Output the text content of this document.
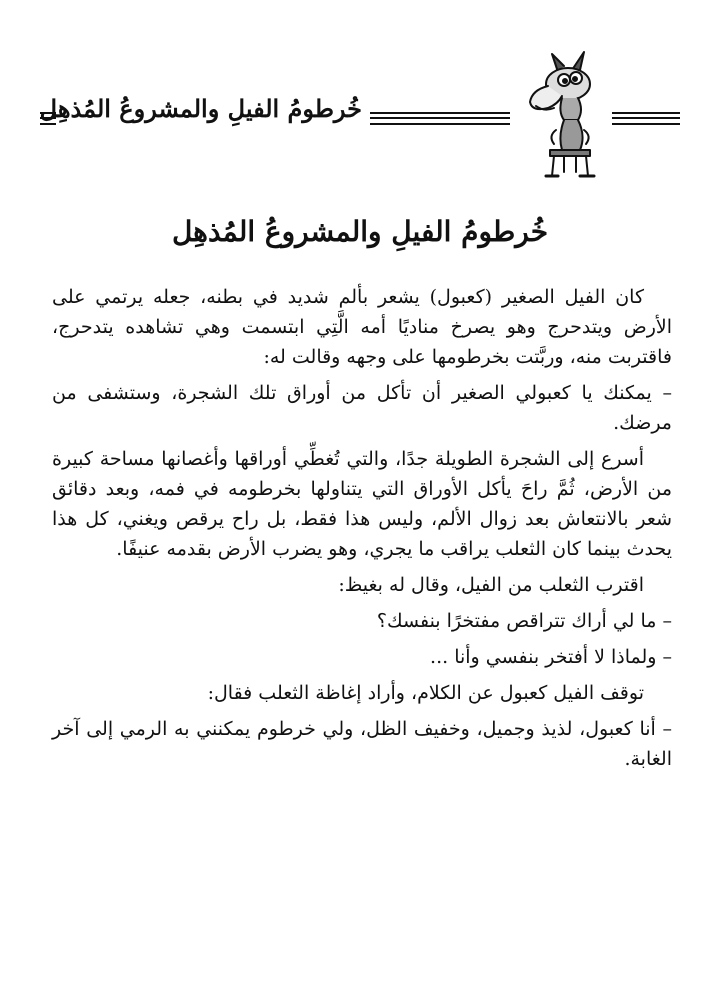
خُرطومُ الفيلِ والمشروعُ المُذهِل
خُرطومُ الفيلِ والمشروعُ المُذهِل

كان الفيل الصغير (كعبول) يشعر بألم شديد في بطنه، جعله يرتمي على الأرض ويتدحرج وهو يصرخ مناديًا أمه الَّتِي ابتسمت وهي تشاهده يتدحرج، فاقتربت منه، وربَّتت بخرطومها على وجهه وقالت له:

– يمكنك يا كعبولي الصغير أن تأكل من أوراق تلك الشجرة، وستشفى من مرضك.

أسرع إلى الشجرة الطويلة جدًا، والتي تُغطِّي أوراقها وأغصانها مساحة كبيرة من الأرض، ثُمَّ راحَ يأكل الأوراق التي يتناولها بخرطومه في فمه، وبعد دقائق شعر بالانتعاش بعد زوال الألم، وليس هذا فقط، بل راح يرقص ويغني، كل هذا يحدث بينما كان الثعلب يراقب ما يجري، وهو يضرب الأرض بقدمه عنيفًا.

اقترب الثعلب من الفيل، وقال له بغيظ:

– ما لي أراك تتراقص مفتخرًا بنفسك؟

– ولماذا لا أفتخر بنفسي وأنا ...

توقف الفيل كعبول عن الكلام، وأراد إغاظة الثعلب فقال:

– أنا كعبول، لذيذ وجميل، وخفيف الظل، ولي خرطوم يمكنني به الرمي إلى آخر الغابة.
